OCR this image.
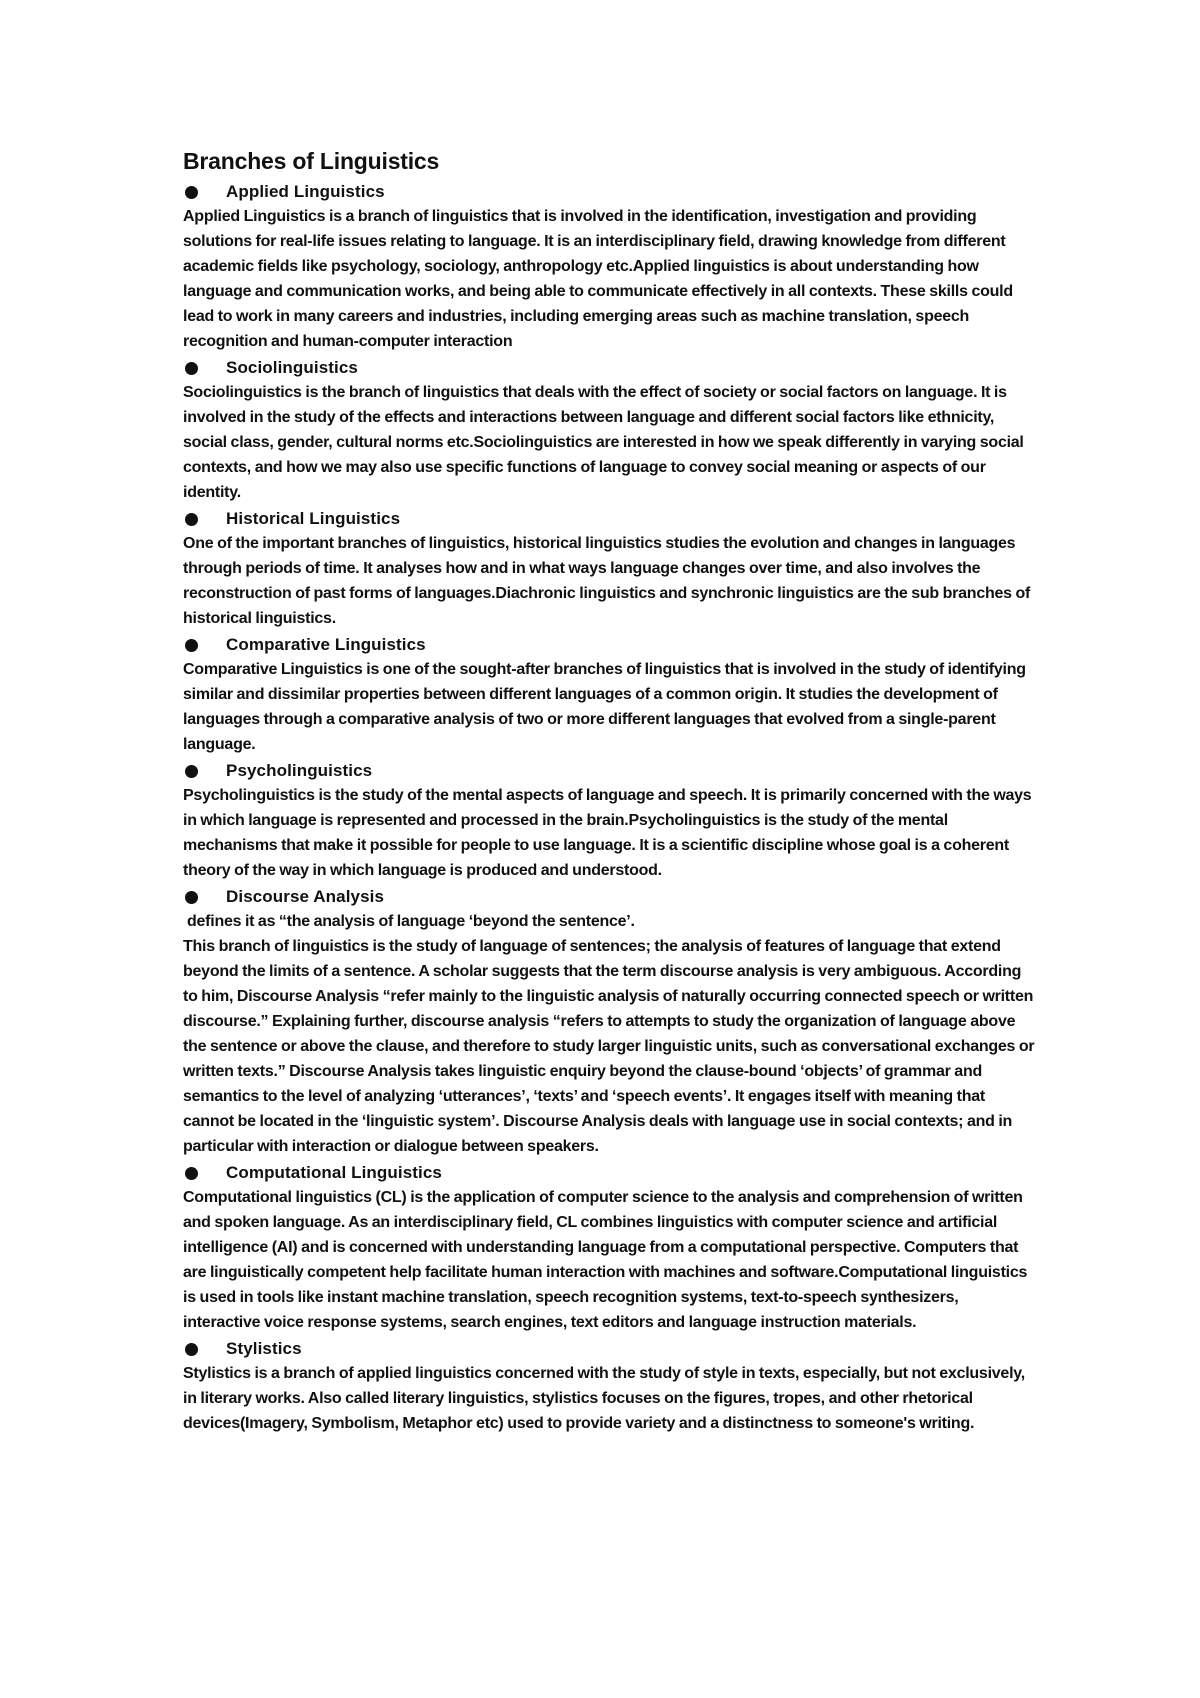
Branches of Linguistics
Applied Linguistics

Applied Linguistics is a branch of linguistics that is involved in the identification, investigation and providing solutions for real-life issues relating to language. It is an interdisciplinary field, drawing knowledge from different academic fields like psychology, sociology, anthropology etc.Applied linguistics is about understanding how language and communication works, and being able to communicate effectively in all contexts. These skills could lead to work in many careers and industries, including emerging areas such as machine translation, speech recognition and human-computer interaction

Sociolinguistics

Sociolinguistics is the branch of linguistics that deals with the effect of society or social factors on language. It is involved in the study of the effects and interactions between language and different social factors like ethnicity, social class, gender, cultural norms etc.Sociolinguistics are interested in how we speak differently in varying social contexts, and how we may also use specific functions of language to convey social meaning or aspects of our identity.

Historical Linguistics

One of the important branches of linguistics, historical linguistics studies the evolution and changes in languages through periods of time. It analyses how and in what ways language changes over time, and also involves the reconstruction of past forms of languages.Diachronic linguistics and synchronic linguistics are the sub branches of historical linguistics.

Comparative Linguistics

Comparative Linguistics is one of the sought-after branches of linguistics that is involved in the study of identifying similar and dissimilar properties between different languages of a common origin. It studies the development of languages through a comparative analysis of two or more different languages that evolved from a single-parent language.

Psycholinguistics

Psycholinguistics is the study of the mental aspects of language and speech. It is primarily concerned with the ways in which language is represented and processed in the brain.Psycholinguistics is the study of the mental mechanisms that make it possible for people to use language. It is a scientific discipline whose goal is a coherent theory of the way in which language is produced and understood.

Discourse Analysis

defines it as “the analysis of language ‘beyond the sentence’.

This branch of linguistics is the study of language of sentences; the analysis of features of language that extend beyond the limits of a sentence. A scholar suggests that the term discourse analysis is very ambiguous. According to him, Discourse Analysis “refer mainly to the linguistic analysis of naturally occurring connected speech or written discourse.” Explaining further, discourse analysis “refers to attempts to study the organization of language above the sentence or above the clause, and therefore to study larger linguistic units, such as conversational exchanges or written texts.” Discourse Analysis takes linguistic enquiry beyond the clause-bound ‘objects’ of grammar and semantics to the level of analyzing ‘utterances’, ‘texts’ and ‘speech events’. It engages itself with meaning that cannot be located in the ‘linguistic system’. Discourse Analysis deals with language use in social contexts; and in particular with interaction or dialogue between speakers.

Computational Linguistics

Computational linguistics (CL) is the application of computer science to the analysis and comprehension of written and spoken language. As an interdisciplinary field, CL combines linguistics with computer science and artificial intelligence (AI) and is concerned with understanding language from a computational perspective. Computers that are linguistically competent help facilitate human interaction with machines and software.Computational linguistics is used in tools like instant machine translation, speech recognition systems, text-to-speech synthesizers, interactive voice response systems, search engines, text editors and language instruction materials.

Stylistics

Stylistics is a branch of applied linguistics concerned with the study of style in texts, especially, but not exclusively, in literary works. Also called literary linguistics, stylistics focuses on the figures, tropes, and other rhetorical devices(Imagery, Symbolism, Metaphor etc) used to provide variety and a distinctness to someone's writing.
